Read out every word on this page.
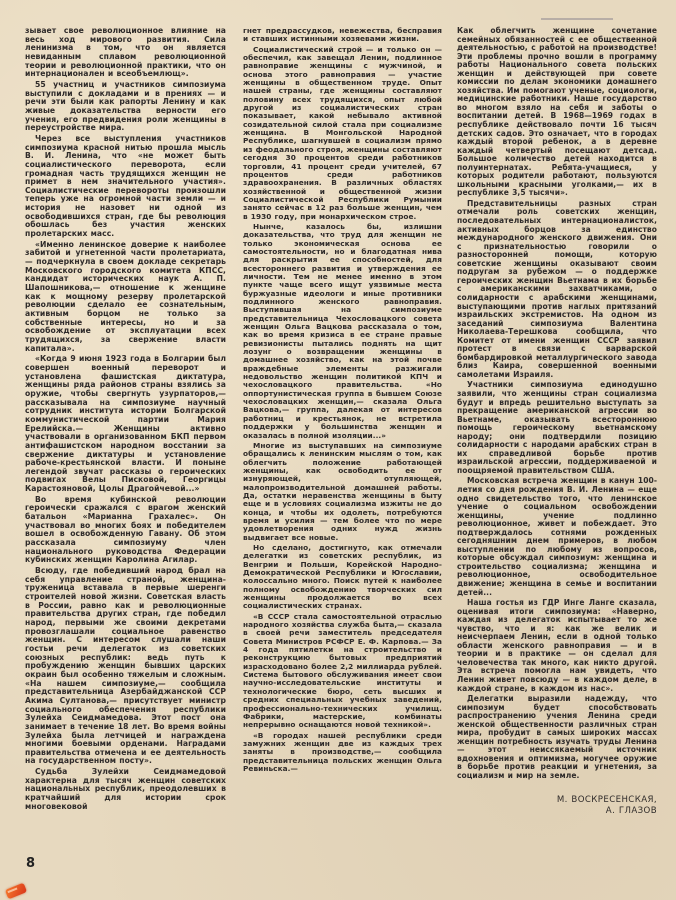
зывает свое революционное влияние на весь ход мирового развития. Сила ленинизма в том, что он является невиданным сплавом революционной теории и революционной практики, что он интернационален и всеобъемлющ».

55 участниц и участников симпозиума выступили с докладами и в прениях — и речи эти были как рапорты Ленину и как живые доказательства верности его учения, его предвидения роли женщины в переустройстве мира.

Через все выступления участников симпозиума красной нитью прошла мысль В. И. Ленина, что «не может быть социалистического переворота, если громадная часть трудящихся женщин не примет в нем значительного участия». Социалистические перевороты произошли теперь уже на огромной части земли — и история не назовет ни одной из освободившихся стран, где бы революция обошлась без участия женских пролетарских масс.

«Именно ленинское доверие к наиболее забитой и угнетенной части пролетариата,— подчеркнула в своем докладе секретарь Московского городского комитета КПСС, кандидат исторических наук А. П. Шапошникова,— отношение к женщине как к мощному резерву пролетарской революции сделало ее сознательным, активным борцом не только за собственные интересы, но и за освобождение от эксплуатации всех трудящихся, за свержение власти капитала».

«Когда 9 июня 1923 года в Болгарии был совершен военный переворот и установлена фашистская диктатура, женщины ряда районов страны взялись за оружие, чтобы свергнуть узурпаторов,— рассказывала на симпозиуме научный сотрудник института истории Болгарской коммунистической партии Мария Ерелийска.— Женщины активно участвовали в организованном БКП первом антифашистском народном восстании за свержение диктатуры и установление рабоче-крестьянской власти. И поныне легендой звучат рассказы о героических подвигах Велы Писковой, Георгицы Карастояновой, Цолы Драгойчевой...»

Во время кубинской революции героически сражался с врагом женский батальон «Марианна Грахалес». Он участвовал во многих боях и победителем вошел в освобожденную Гавану. Об этом рассказала симпозиуму член национального руководства Федерации кубинских женщин Каролина Агилар.

Всюду, где победивший народ брал на себя управление страной, женщина-труженица вставала в первые шеренги строителей новой жизни. Советская власть в России, равно как и революционные правительства других стран, где победил народ, первыми же своими декретами провозглашали социальное равенство женщин. С интересом слушали наши гостьи речи делегаток из советских союзных республик: ведь путь к пробуждению женщин бывших царских окраин был особенно тяжелым и сложным. «На нашем симпозиуме,— сообщила представительница Азербайджанской ССР Акима Султанова,— присутствует министр социального обеспечения республики Зулейха Сеидмамедова. Этот пост она занимает в течение 18 лет. Во время войны Зулейха была летчицей и награждена многими боевыми орденами. Наградами правительства отмечена и ее деятельность на государственном посту».

Судьба Зулейхи Сеидмамедовой характерна для тысяч женщин советских национальных республик, преодолевших в кратчайший для истории срок многовековой

гнет предрассудков, невежества, бесправия и ставших истинными хозяевами жизни.

Социалистический строй — и только он — обеспечил, как завещал Ленин, подлинное равноправие женщины с мужчиной, и основа этого равноправия — участие женщины в общественном труде. Опыт нашей страны, где женщины составляют половину всех трудящихся, опыт любой другой из социалистических стран показывает, какой небывало активной созидательной силой стала при социализме женщина. В Монгольской Народной Республике, шагнувшей в социализм прямо из феодального строя, женщины составляют сегодня 30 процентов среди работников торговли, 41 процент среди учителей, 67 процентов среди работников здравоохранения. В различных областях хозяйственной и общественной жизни Социалистической Республики Румынии занято сейчас в 12 раз больше женщин, чем в 1930 году, при монархическом строе.

Нынче, казалось бы, излишни доказательства, что труд для женщин не только экономическая основа ее самостоятельности, но и благодатная нива для раскрытия ее способностей, для всестороннего развития и утверждения ее личности. Тем не менее именно в этом пункте чаще всего ищут уязвимые места буржуазные идеологи и иные противники подлинного женского равноправия. Выступившая на симпозиуме представительница Чехословацкого совета женщин Ольга Вацкова рассказала о том, как во время кризиса в ее стране правые ревизионисты пытались поднять на щит лозунг о возвращении женщины в домашнее хозяйство, как на этой почве враждебные элементы разжигали недовольство женщин политикой КПЧ и чехословацкого правительства. «Но оппортунистическая группа в бывшем Союзе чехословацких женщин,— сказала Ольга Вацкова,— группа, далекая от интересов работниц и крестьянок, не встретила поддержки у большинства женщин и оказалась в полной изоляции...»

Многие из выступавших на симпозиуме обращались к ленинским мыслям о том, как облегчить положение работающей женщины, как освободить ее от изнуряющей, отупляющей, малопроизводительной домашней работы. Да, остатки неравенства женщины в быту еще и в условиях социализма изжиты не до конца, и чтобы их одолеть, потребуются время и усилия — тем более что по мере удовлетворения одних нужд жизнь выдвигает все новые.

Но сделано, достигнуто, как отмечали делегатки из советских республик, из Венгрии и Польши, Корейской Народно-Демократической Республики и Югославии, колоссально много. Поиск путей к наиболее полному освобождению творческих сил женщины продолжается во всех социалистических странах.

«В СССР стала самостоятельной отраслью народного хозяйства служба быта,— сказала в своей речи заместитель председателя Совета Министров РСФСР Е. Ф. Карпова.— За 4 года пятилетки на строительство и реконструкцию бытовых предприятий израсходовано более 2,2 миллиарда рублей. Система бытового обслуживания имеет свои научно-исследовательские институты и технологические бюро, сеть высших и средних специальных учебных заведений, профессионально-технических училищ. Фабрики, мастерские, комбинаты непрерывно оснащаются новой техникой».

«В городах нашей республики среди замужних женщин две из каждых трех заняты в производстве,— сообщила представительница польских женщин Ольга Ревиньска.—

Как облегчить женщине сочетание семейных обязанностей с ее общественной деятельностью, с работой на производстве! Эти проблемы прочно вошли в программу работы Национального совета польских женщин и действующей при совете комиссии по делам экономики домашнего хозяйства. Им помогают ученые, социологи, медицинские работники. Наше государство во многом взяло на себя и заботы о воспитании детей. В 1968—1969 годах в республике действовало почти 16 тысяч детских садов. Это означает, что в городах каждый второй ребенок, а в деревне каждый четвертый посещают детсад. Большое количество детей находится в полуинтернатах. Ребята-учащиеся, у которых родители работают, пользуются школьными красными уголками,— их в республике 3,5 тысячи».

Представительницы разных стран отмечали роль советских женщин, последовательных интернационалисток, активных борцов за единство международного женского движения. Они с признательностью говорили о разносторонней помощи, которую советские женщины оказывают своим подругам за рубежом — о поддержке героических женщин Вьетнама в их борьбе с американскими захватчиками, о солидарности с арабскими женщинами, выступающими против наглых притязаний израильских экстремистов. На одном из заседаний симпозиума Валентина Николаева-Терешкова сообщила, что Комитет от имени женщин СССР заявил протест в связи с варварской бомбардировкой металлургического завода близ Каира, совершенной военными самолетами Израиля.

Участники симпозиума единодушно заявили, что женщины стран социализма будут и впредь решительно выступать за прекращение американской агрессии во Вьетнаме, оказывать всестороннюю помощь героическому вьетнамскому народу; они подтвердили позицию солидарности с народами арабских стран в их справедливой борьбе против израильской агрессии, поддерживаемой и поощряемой правительством США.

Московская встреча женщин в канун 100-летия со дня рождения В. И. Ленина — еще одно свидетельство того, что ленинское учение о социальном освобождении женщины, учение подлинно революционное, живет и побеждает. Это подтверждалось сотнями рожденных сегодняшним днем примеров, в любом выступлении по любому из вопросов, которые обсуждал симпозиум: женщина и строительство социализма; женщина и революционное, освободительное движение; женщина в семье и воспитании детей...

Наша гостья из ГДР Инге Ланге сказала, оценивая итоги симпозиума: «Наверно, каждая из делегаток испытывает то же чувство, что и я: как же велик и неисчерпаем Ленин, если в одной только области женского равноправия — и в теории и в практике — он сделал для человечества так много, как никто другой. Эта встреча помогла нам увидеть, что Ленин живет повсюду — в каждом деле, в каждой стране, в каждом из нас».

Делегатки выразили надежду, что симпозиум будет способствовать распространению учения Ленина среди женской общественности различных стран мира, пробудит в самых широких массах женщин потребность изучать труды Ленина — этот неиссякаемый источник вдохновения и оптимизма, могучее оружие в борьбе против реакции и угнетения, за социализм и мир на земле.

М. ВОСКРЕСЕНСКАЯ,
А. ГЛАЗОВ
8
